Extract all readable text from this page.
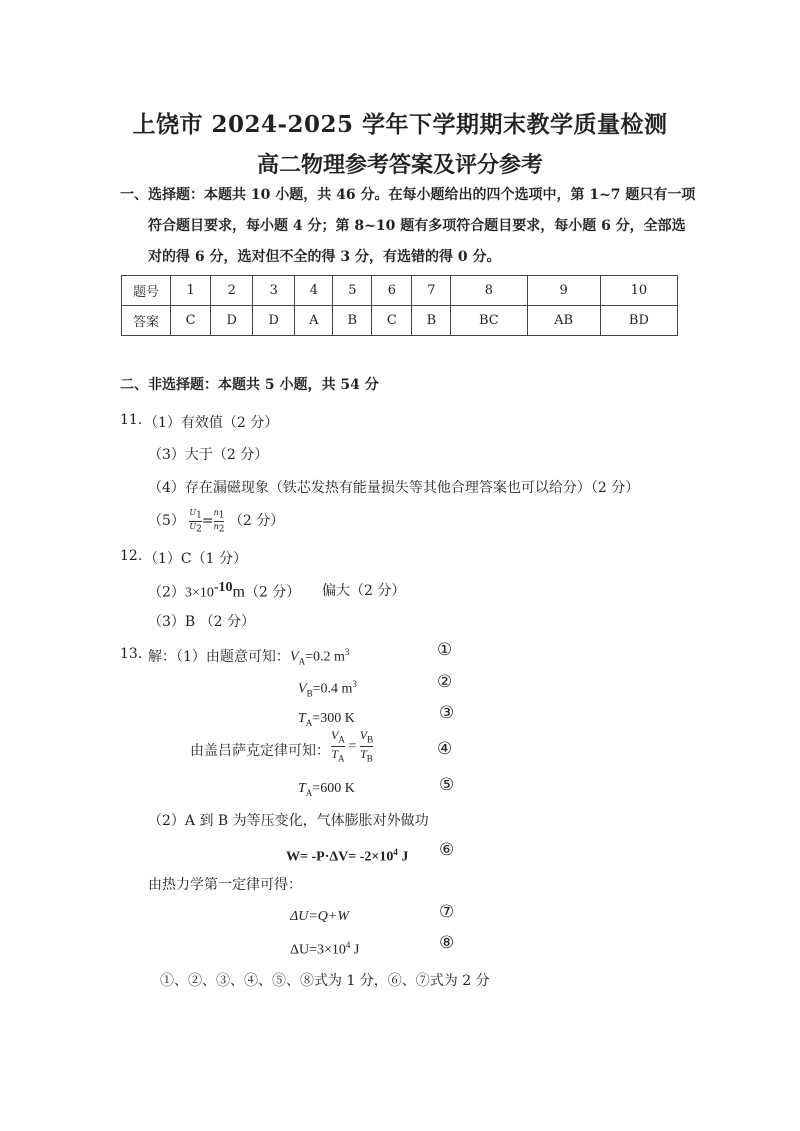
上饶市 2024-2025 学年下学期期末教学质量检测
高二物理参考答案及评分参考
一、选择题：本题共 10 小题，共 46 分。在每小题给出的四个选项中，第 1~7 题只有一项
符合题目要求，每小题 4 分；第 8~10 题有多项符合题目要求，每小题 6 分，全部选
对的得 6 分，选对但不全的得 3 分，有选错的得 0 分。
题号	1	2	3	4	5	6	7	8	9	10
答案	C	D	D	A	B	C	B	BC	AB	BD
二、非选择题：本题共 5 小题，共 54 分
11. （1）有效值（2 分）
（3）大于（2 分）
（4）存在漏磁现象（铁芯发热有能量损失等其他合理答案也可以给分）（2 分）
$(5) \frac{U_1}{U_2} = \frac{n_1}{n_2} (2$ 分）
12. （1）C（1 分）
$(2)3\times 10^{-10}m(2$ 分） 偏大（2 分）
（3）B （2 分）
13. 解：（1）由题意可知： $V_A=0.2$ $m^3$	①
$V_B=0.4$ $m^3$	②
$T_A=300$ K	③
由盖吕萨克定律可知： $\frac{V_A}{T_A} = \frac{V_B}{T_B}$	④
$T_A=600$ K	⑤
（2）A 到 B 为等压变化，气体膨胀对外做功
$W= -P\cdot\Delta V= -2\times 10^4$ J ⑥
由热力学第一定律可得：
ΔU=Q+W	⑦
$\Delta U=3\times 10^4$ J	⑧
①、②、③、④、⑤、⑧式为 1 分，⑥、⑦式为 2 分
